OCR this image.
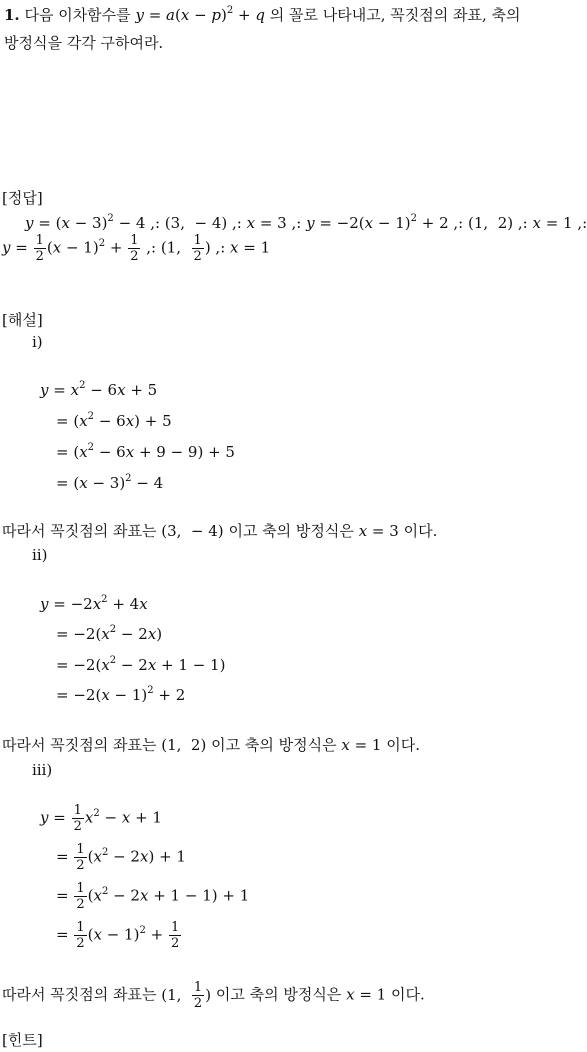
1. 다음 이차함수를 $y = a(x - p)^2 + q$ 의 꼴로 나타내고, 꼭짓점의 좌표, 축의
방정식을 각각 구하여라.
[정답]
$y = (x - 3)^2 - 4$ ,: (3,  − 4) ,: x = 3 ,: $y = -2(x - 1)^2 + 2$ ,: (1,  2) ,: x = 1 ,:
$y = \frac{1}{2} (x - 1)^2 + \frac{1}{2}$ ,: (1, $\frac{1}{2}$ ) ,: x = 1
[해설]
ⅰ)
$y = x^2 - 6x + 5$
= $(x^2 - 6x) + 5$
= $(x^2 - 6x + 9 - 9) + 5$
= $(x - 3)^2 - 4$
따라서 꼭짓점의 좌표는 (3,  − 4) 이고 축의 방정식은 x = 3 이다.
ⅱ)
$y = -2x^2 + 4x$
= $-2(x^2 - 2x)$
= $-2(x^2 - 2x + 1 - 1)$
= $-2(x - 1)^2 + 2$
따라서 꼭짓점의 좌표는 (1,  2) 이고 축의 방정식은 x = 1 이다.
ⅲ)
$y = \frac{1}{2} x^2 - x + 1$
= $\frac{1}{2} (x^2 - 2x) + 1$
= $\frac{1}{2} (x^2 - 2x + 1 - 1) + 1$
= $\frac{1}{2} (x - 1)^2 + \frac{1}{2}$
따라서 꼭짓점의 좌표는 (1, $\frac{1}{2}$ ) 이고 축의 방정식은 x = 1 이다.
[힌트]
